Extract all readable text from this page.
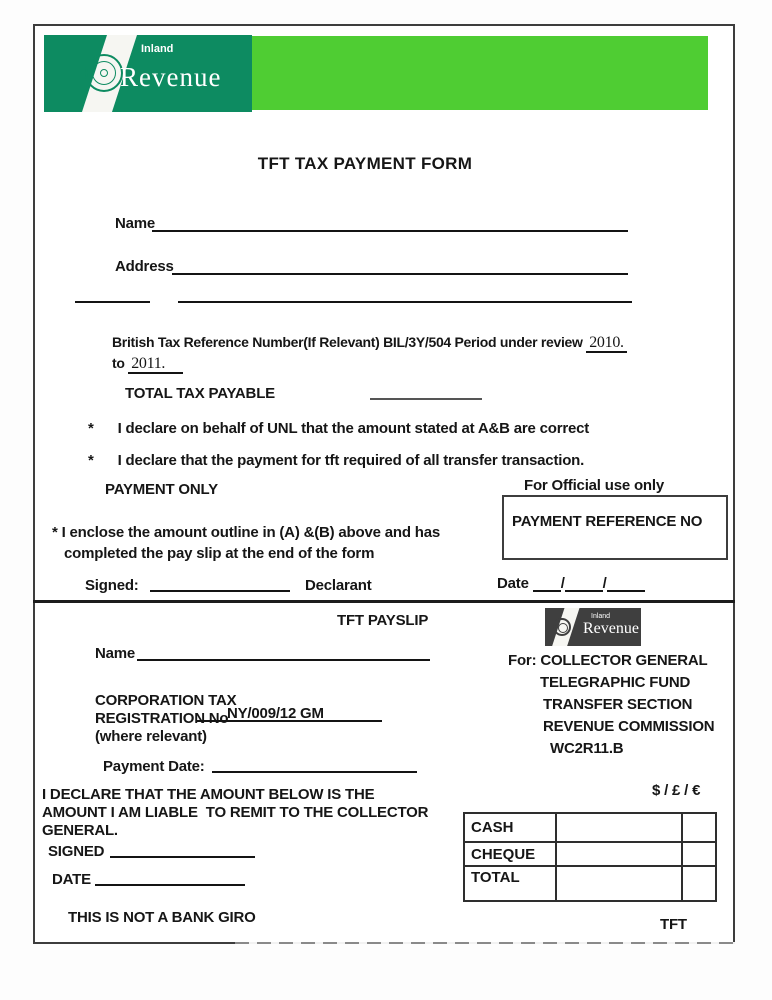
Inland
Revenue
TFT TAX PAYMENT FORM
Name
Address
British Tax Reference Number(If Relevant) BIL/3Y/504 Period under review 2010.
to 2011.
TOTAL TAX PAYABLE
* I declare on behalf of UNL that the amount stated at A&B are correct
* I declare that the payment for tft required of all transfer transaction.
PAYMENT ONLY	For Official use only
PAYMENT REFERENCE NO
* I enclose the amount outline in (A) &(B) above and has
completed the pay slip at the end of the form
Signed:	Declarant	Date /	/
TFT PAYSLIP	Inland
Revenue
Name	For: COLLECTOR GENERAL
TELEGRAPHIC FUND
TRANSFER SECTION
REVENUE COMMISSION
WC2R11.B
CORPORATION TAX
REGISTRATION No
NY/009/12 GM
(where relevant)
Payment Date:
$ / £ / €
I DECLARE THAT THE AMOUNT BELOW IS THE
AMOUNT I AM LIABLE  TO REMIT TO THE COLLECTOR
GENERAL.
SIGNED
DATE
CASH		
CHEQUE		
TOTAL		
TFT
THIS IS NOT A BANK GIRO
